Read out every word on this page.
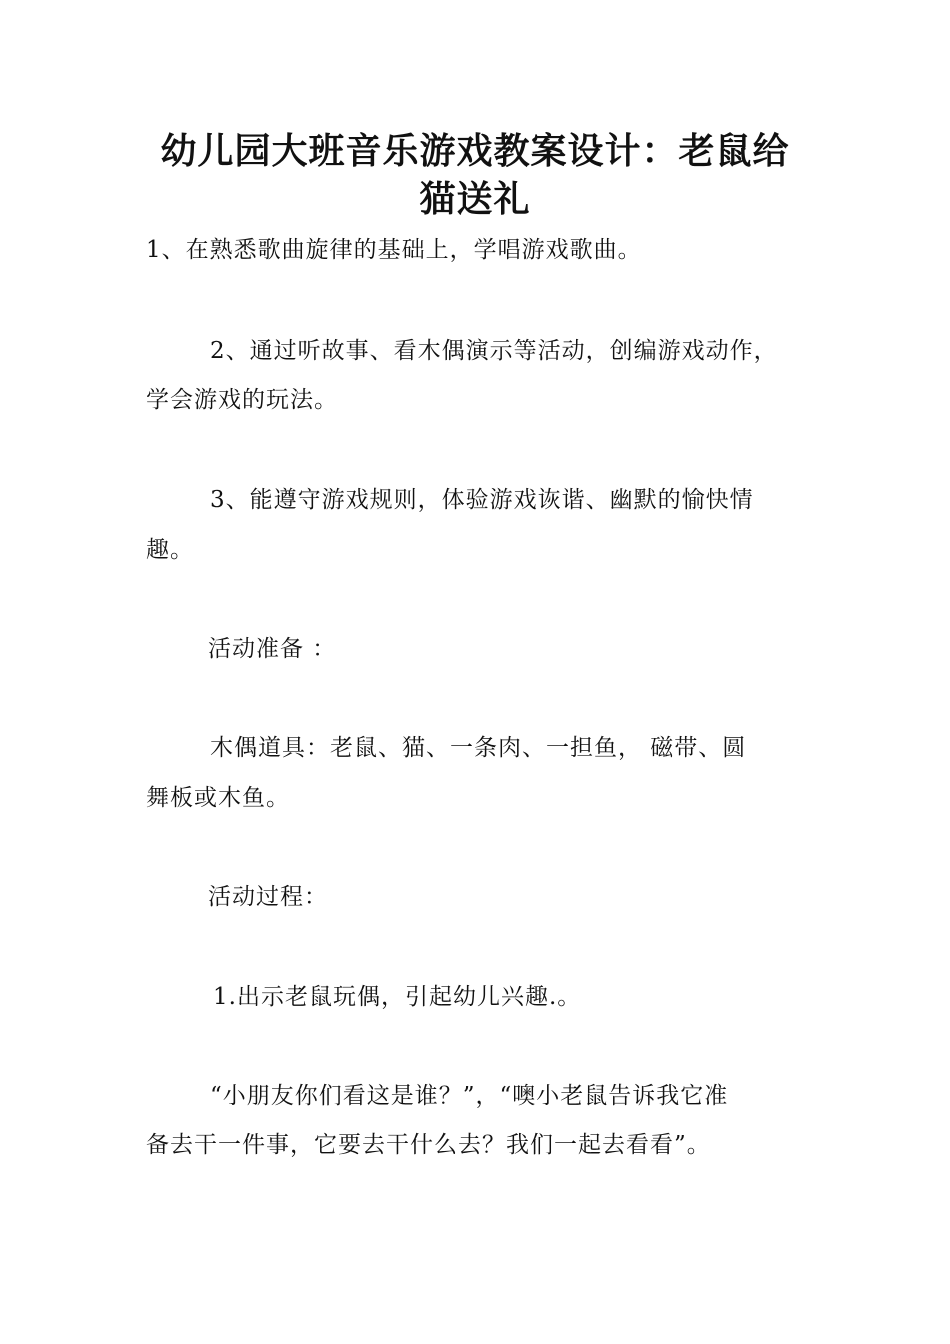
幼儿园大班音乐游戏教案设计：老鼠给
猫送礼
1、在熟悉歌曲旋律的基础上，学唱游戏歌曲。
2、通过听故事、看木偶演示等活动，创编游戏动作，
学会游戏的玩法。
3、能遵守游戏规则，体验游戏诙谐、幽默的愉快情
趣。
活动准备 ：
木偶道具：老鼠、猫、一条肉、一担鱼， 磁带、圆
舞板或木鱼。
活动过程：
1.出示老鼠玩偶，引起幼儿兴趣.。
“小朋友你们看这是谁？”，“噢小老鼠告诉我它准
备去干一件事，它要去干什么去？我们一起去看看”。
